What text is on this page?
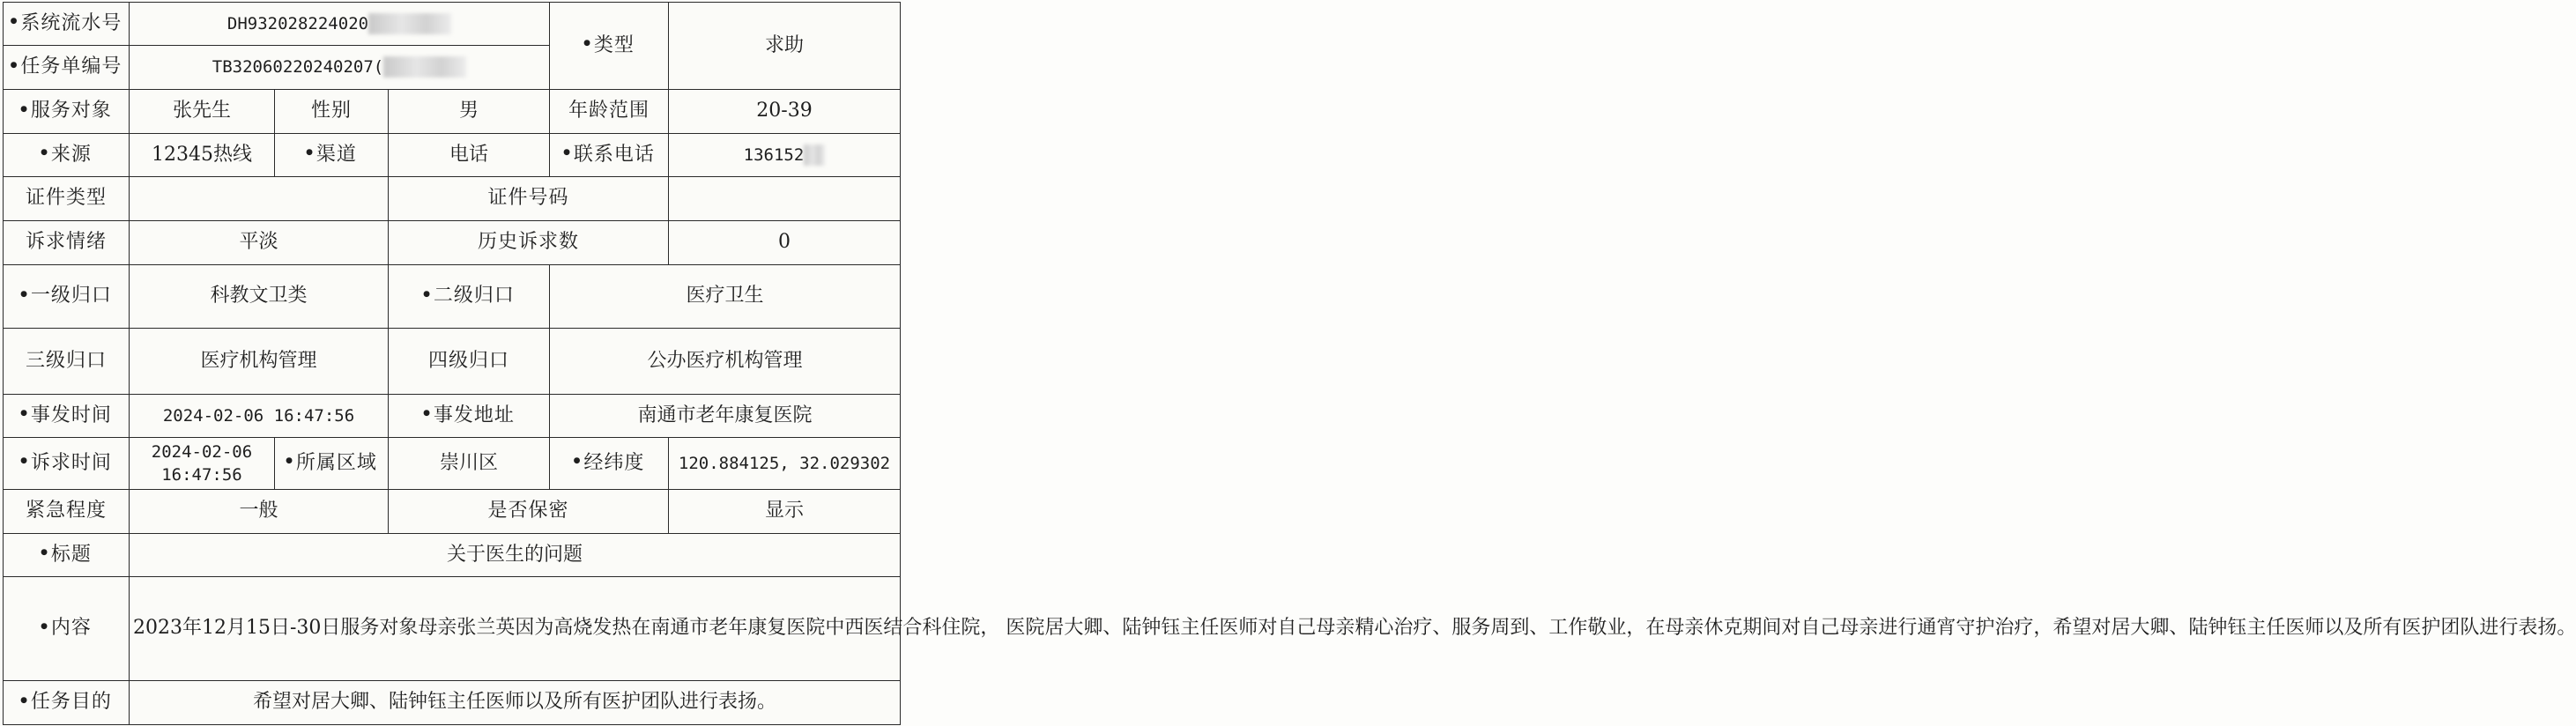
● 系统流水号	DH932028224020			● 类型	求助
● 任务单编号	TB32060220240207(				
● 服务对象	张先生	性别	男	年龄范围	20-39
● 来源	12345热线	● 渠道	电话	● 联系电话	136152
证件类型			证件号码		
诉求情绪	平淡		历史诉求数		0
● 一级归口	科教文卫类		● 二级归口	医疗卫生	
三级归口	医疗机构管理		四级归口	公办医疗机构管理	
● 事发时间	2024-02-06 16:47:56		● 事发地址	南通市老年康复医院	
● 诉求时间	2024-02-06
16:47:56	● 所属区域	崇川区	● 经纬度	120.884125, 32.029302
紧急程度	一般		是否保密		显示
● 标题	关于医生的问题				
● 内容	2023年12月15日-30日服务对象母亲张兰英因为高烧发热在南通市老年康复医院中西医结合科住院， 医院居大卿、陆钟钰主任医师对自己母亲精心治疗、服务周到、工作敬业，在母亲休克期间对自己母亲进行通宵守护治疗，希望对居大卿、陆钟钰主任医师以及所有医护团队进行表扬。				
● 任务目的	希望对居大卿、陆钟钰主任医师以及所有医护团队进行表扬。				
